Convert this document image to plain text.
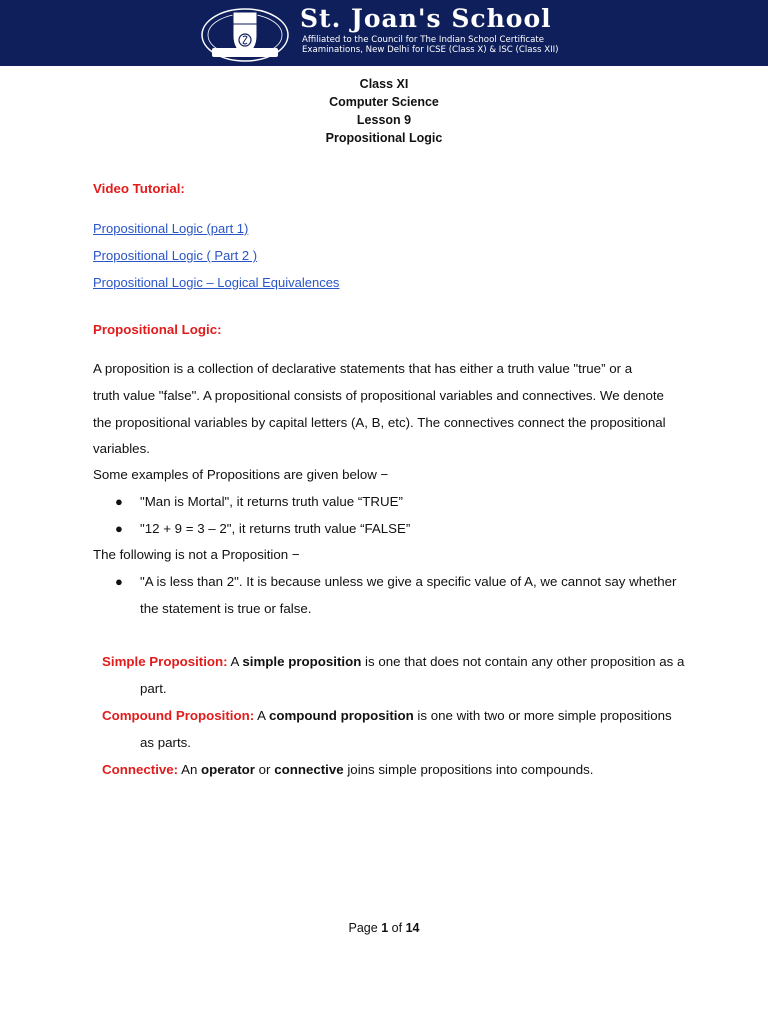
St. Joan's School
Affiliated to the Council for The Indian School Certificate
Examinations, New Delhi for ICSE (Class X) & ISC (Class XII)
Class XI
Computer Science
Lesson 9
Propositional Logic
Video Tutorial:
Propositional Logic (part 1)
Propositional Logic ( Part 2 )
Propositional Logic – Logical Equivalences
Propositional Logic:
A proposition is a collection of declarative statements that has either a truth value "true” or a
truth value "false". A propositional consists of propositional variables and connectives. We denote
the propositional variables by capital letters (A, B, etc). The connectives connect the propositional
variables.
Some examples of Propositions are given below −
● "Man is Mortal", it returns truth value “TRUE”
● "12 + 9 = 3 – 2", it returns truth value “FALSE”
The following is not a Proposition −
● "A is less than 2". It is because unless we give a specific value of A, we cannot say whether
the statement is true or false.
Simple Proposition: A simple proposition is one that does not contain any other proposition as a
part.
Compound Proposition: A compound proposition is one with two or more simple propositions
as parts.
Connective: An operator or connective joins simple propositions into compounds.
Page 1 of 14
